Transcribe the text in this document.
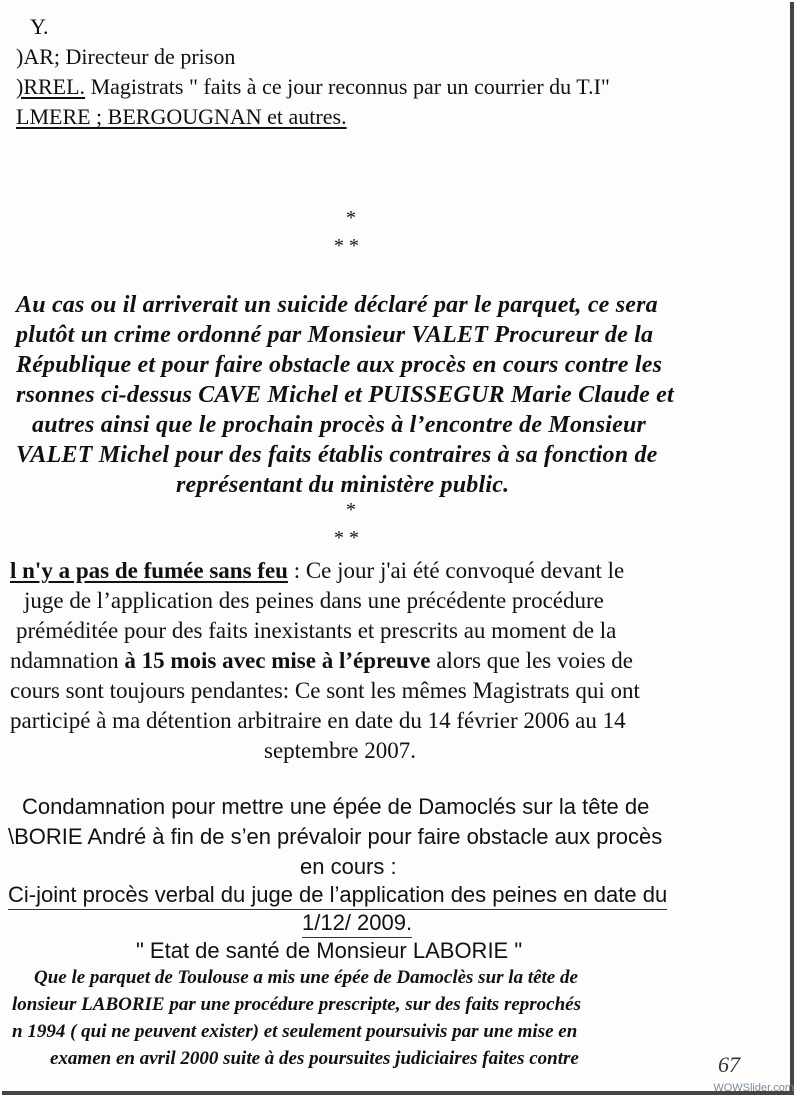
Y.
)AR; Directeur de prison
)RREL. Magistrats " faits à ce jour reconnus par un courrier du T.I"
LMERE ; BERGOUGNAN et autres.
*
* *
Au cas ou il arriverait un suicide déclaré par le parquet, ce sera
plutôt un crime ordonné par Monsieur VALET Procureur de la
République et pour faire obstacle aux procès en cours contre les
rsonnes ci-dessus CAVE Michel et PUISSEGUR Marie Claude et
autres ainsi que le prochain procès à l’encontre de Monsieur
VALET Michel pour des faits établis contraires à sa fonction de
représentant du ministère public.
*
* *
l n'y a pas de fumée sans feu : Ce jour j'ai été convoqué devant le
juge de l’application des peines dans une précédente procédure
préméditée pour des faits inexistants et prescrits au moment de la
ndamnation à 15 mois avec mise à l’épreuve alors que les voies de
cours sont toujours pendantes: Ce sont les mêmes Magistrats qui ont
participé à ma détention arbitraire en date du 14 février 2006 au 14
septembre 2007.
Condamnation pour mettre une épée de Damoclés sur la tête de
\BORIE André à fin de s’en prévaloir pour faire obstacle aux procès
en cours :
Ci-joint procès verbal du juge de l’application des peines en date du
1/12/ 2009.
" Etat de santé de Monsieur LABORIE "
Que le parquet de Toulouse a mis une épée de Damoclès sur la tête de
lonsieur LABORIE par une procédure prescripte, sur des faits reprochés
n 1994 ( qui ne peuvent exister) et seulement poursuivis par une mise en
examen en avril 2000 suite à des poursuites judiciaires faites contre	67
WOWSlider.com
